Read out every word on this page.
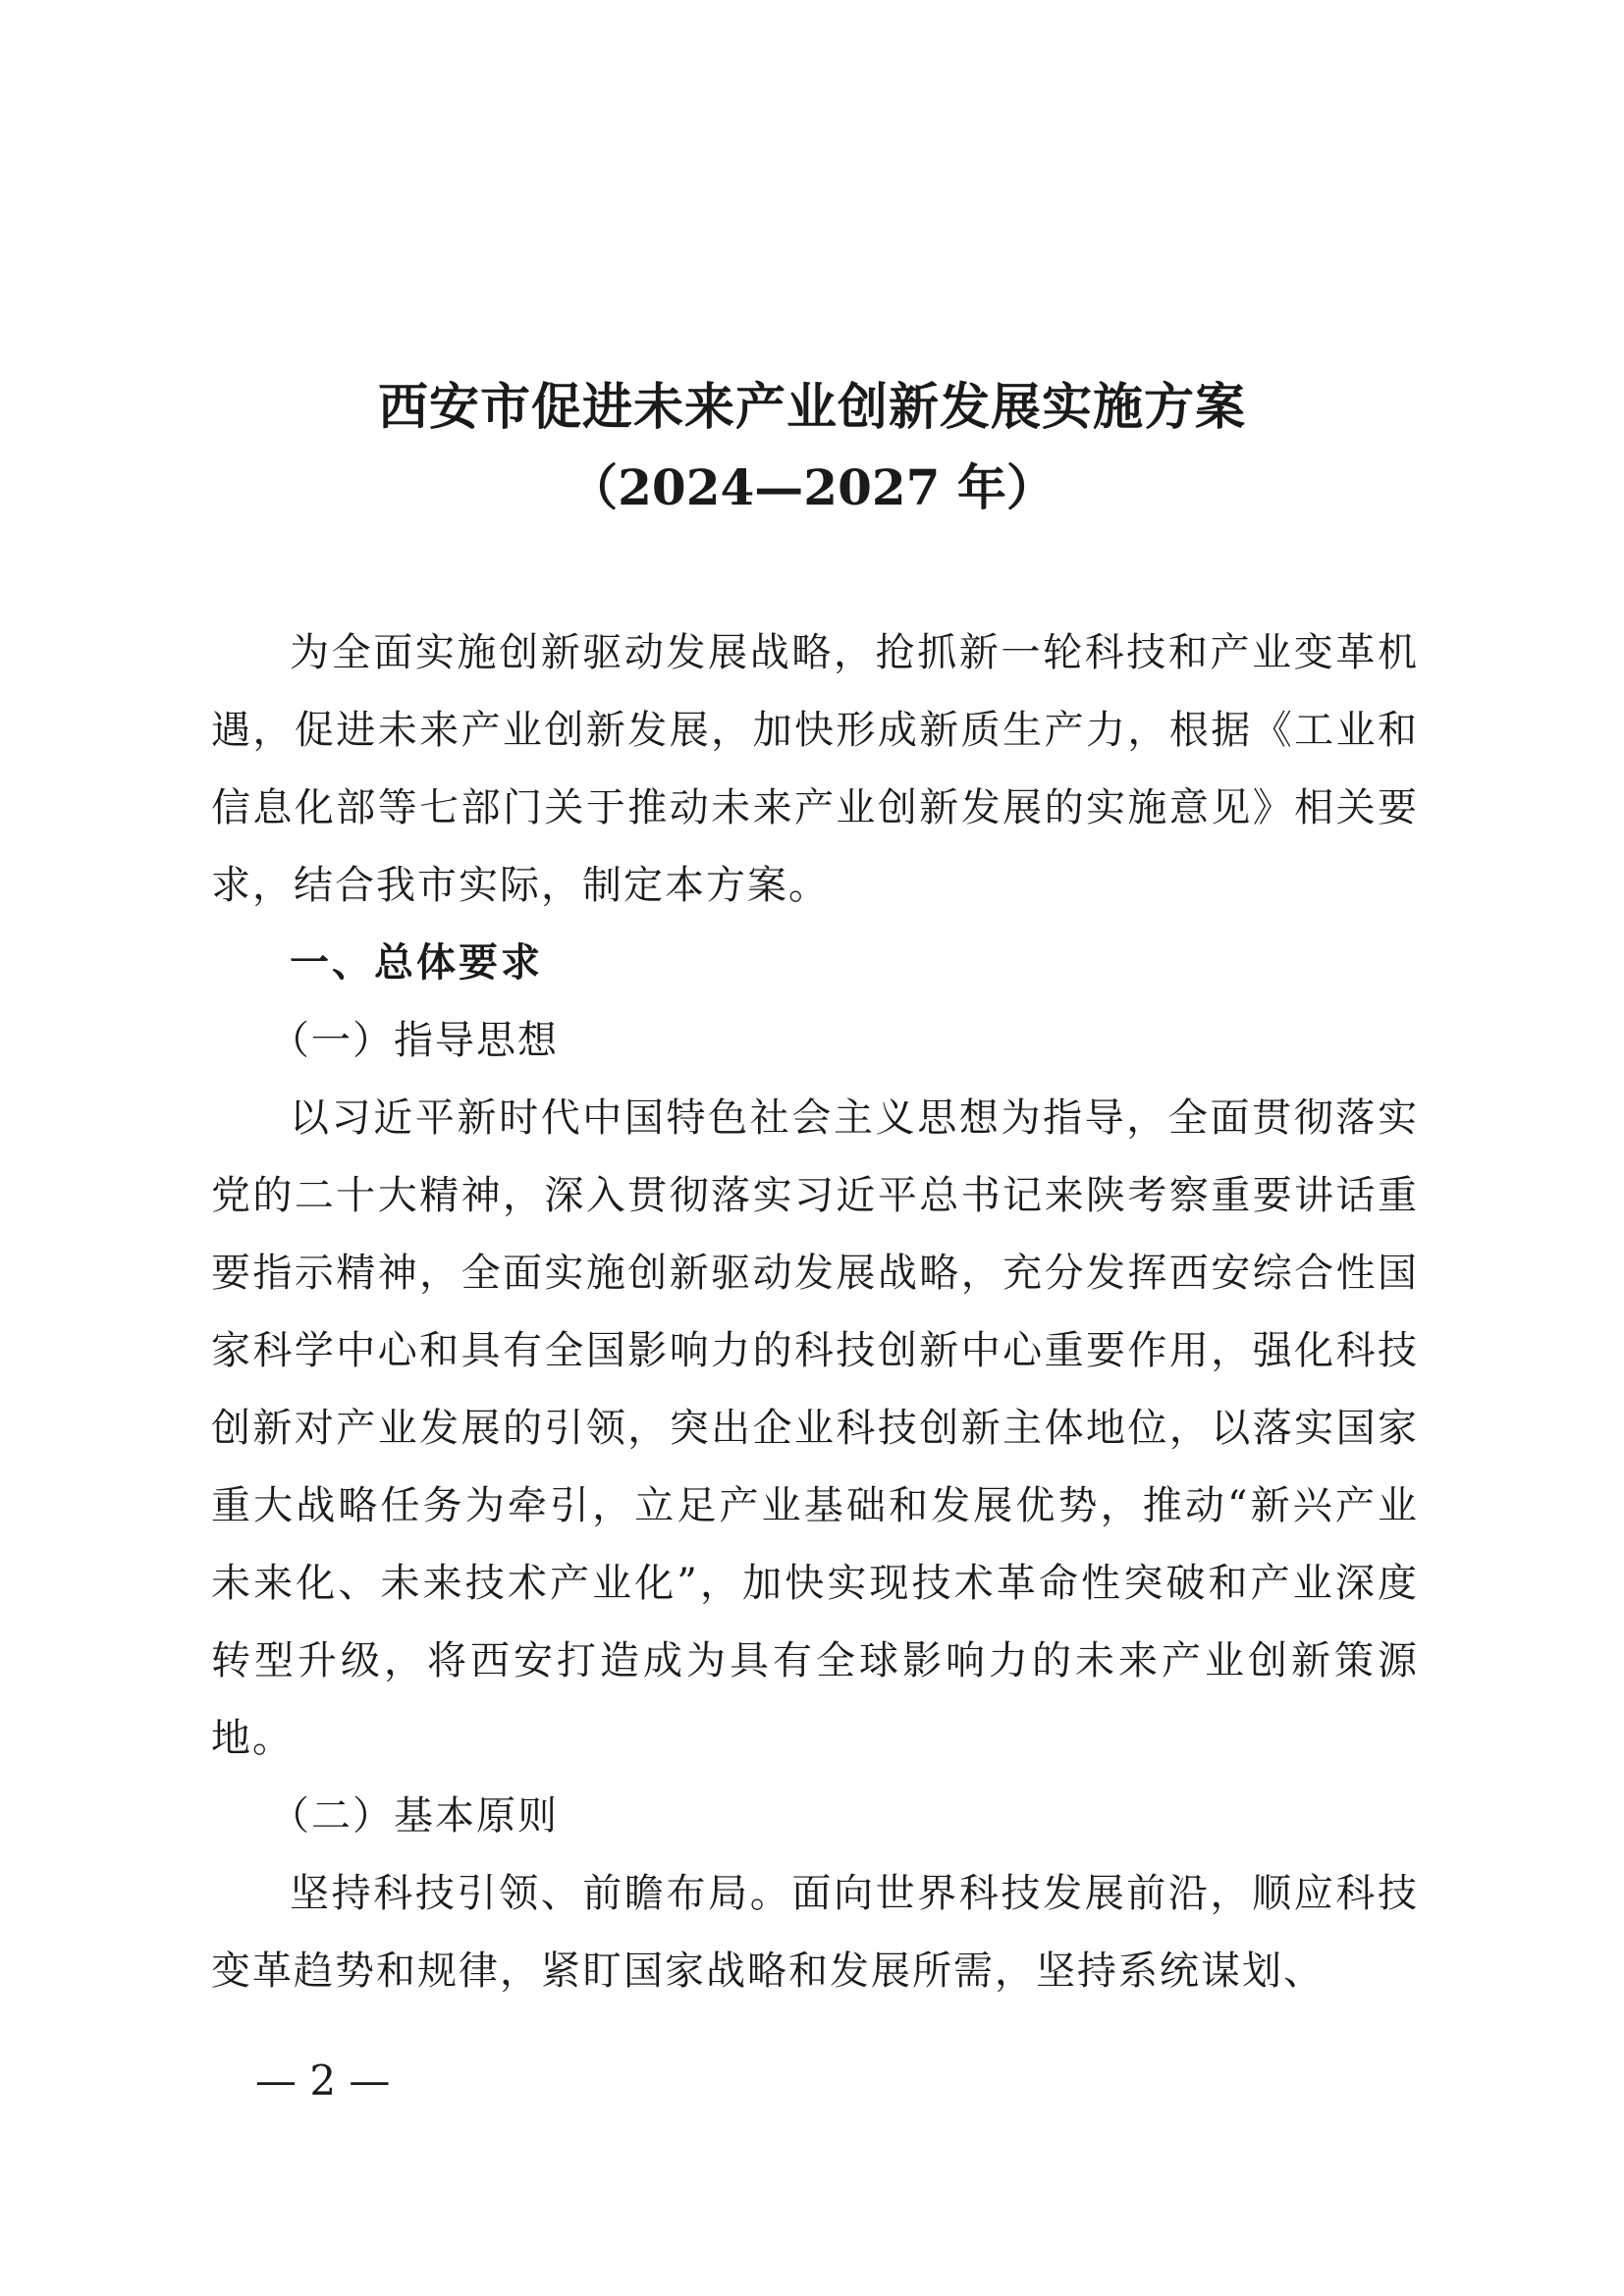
西安市促进未来产业创新发展实施方案
（2024—2027 年）

为全面实施创新驱动发展战略，抢抓新一轮科技和产业变革机遇，促进未来产业创新发展，加快形成新质生产力，根据《工业和信息化部等七部门关于推动未来产业创新发展的实施意见》相关要求，结合我市实际，制定本方案。

一、总体要求

（一）指导思想

以习近平新时代中国特色社会主义思想为指导，全面贯彻落实党的二十大精神，深入贯彻落实习近平总书记来陕考察重要讲话重要指示精神，全面实施创新驱动发展战略，充分发挥西安综合性国家科学中心和具有全国影响力的科技创新中心重要作用，强化科技创新对产业发展的引领，突出企业科技创新主体地位，以落实国家重大战略任务为牵引，立足产业基础和发展优势，推动“新兴产业未来化、未来技术产业化”，加快实现技术革命性突破和产业深度转型升级，将西安打造成为具有全球影响力的未来产业创新策源地。

（二）基本原则

坚持科技引领、前瞻布局。面向世界科技发展前沿，顺应科技变革趋势和规律，紧盯国家战略和发展所需，坚持系统谋划、

— 2 —
